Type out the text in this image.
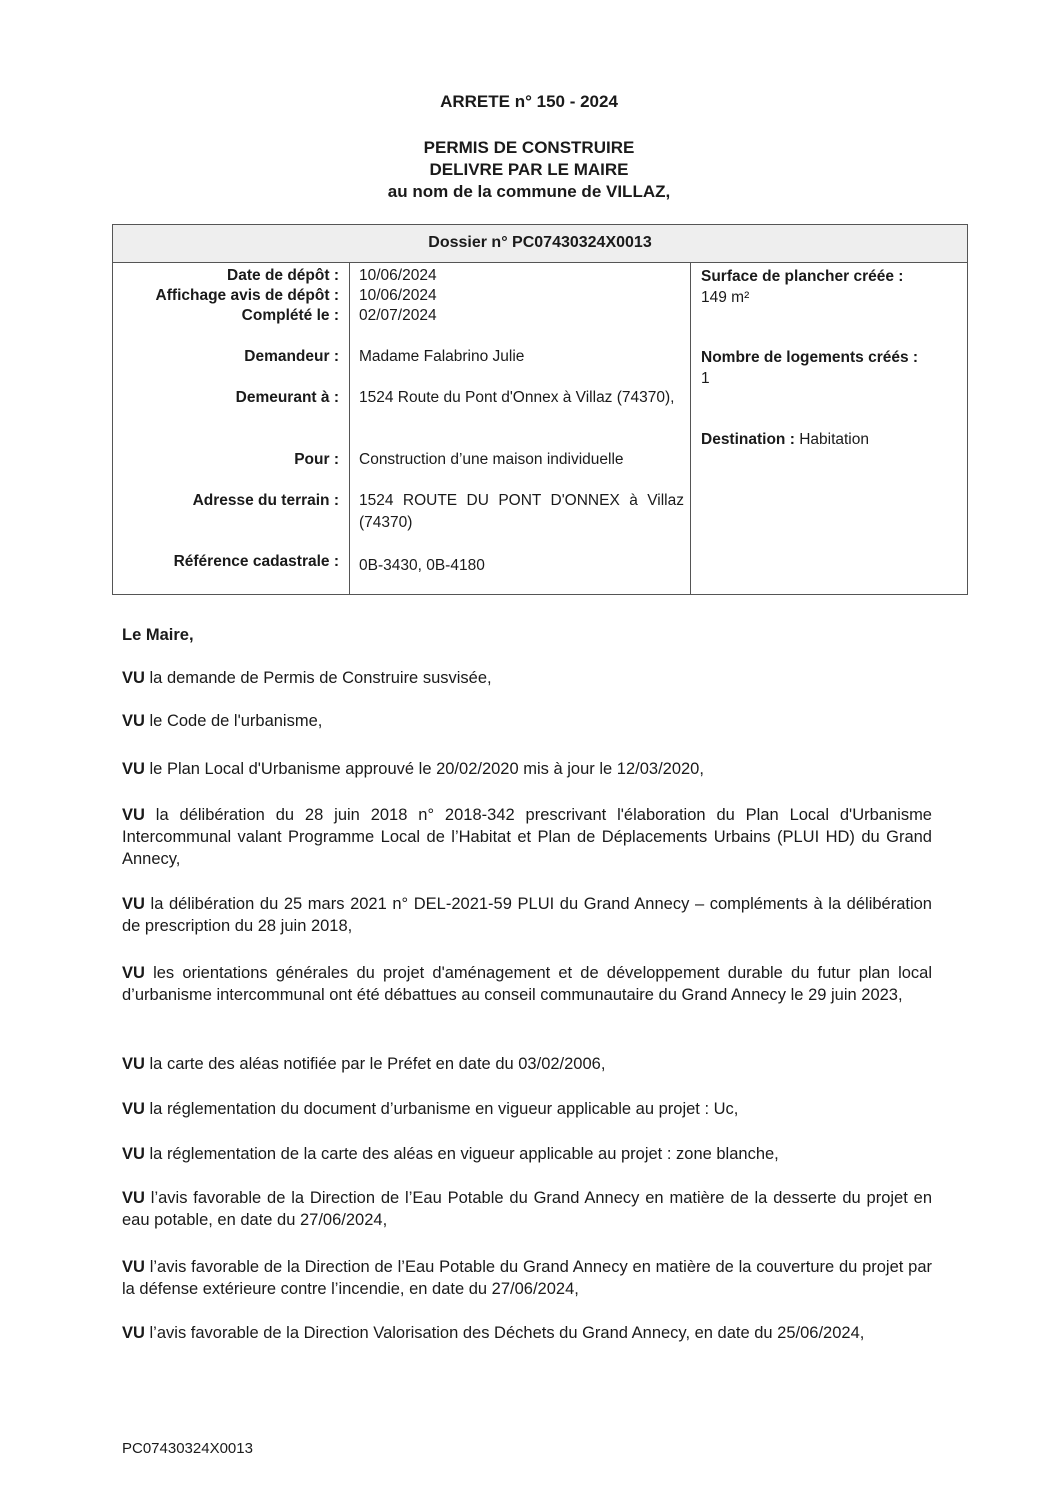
ARRETE n° 150 - 2024
PERMIS DE CONSTRUIRE
DELIVRE PAR LE MAIRE
au nom de la commune de VILLAZ,
Dossier n° PC07430324X0013
Date de dépôt : 10/06/2024
Affichage avis de dépôt : 10/06/2024
Complété le : 02/07/2024
Demandeur : Madame Falabrino Julie
Demeurant à : 1524 Route du Pont d'Onnex à Villaz (74370),
Pour : Construction d’une maison individuelle
Adresse du terrain : 1524 ROUTE DU PONT D'ONNEX à Villaz (74370)
Référence cadastrale : 0B-3430, 0B-4180
Surface de plancher créée :
149 m²
Nombre de logements créés :
1
Destination : Habitation
Le Maire,
VU la demande de Permis de Construire susvisée,
VU le Code de l'urbanisme,
VU le Plan Local d'Urbanisme approuvé le 20/02/2020 mis à jour le 12/03/2020,
VU la délibération du 28 juin 2018 n° 2018-342 prescrivant l'élaboration du Plan Local d'Urbanisme Intercommunal valant Programme Local de l’Habitat et Plan de Déplacements Urbains (PLUI HD) du Grand Annecy,
VU la délibération du 25 mars 2021 n° DEL-2021-59 PLUI du Grand Annecy – compléments à la délibération de prescription du 28 juin 2018,
VU les orientations générales du projet d'aménagement et de développement durable du futur plan local d’urbanisme intercommunal ont été débattues au conseil communautaire du Grand Annecy le 29 juin 2023,
VU la carte des aléas notifiée par le Préfet en date du 03/02/2006,
VU la réglementation du document d’urbanisme en vigueur applicable au projet : Uc,
VU la réglementation de la carte des aléas en vigueur applicable au projet : zone blanche,
VU l’avis favorable de la Direction de l’Eau Potable du Grand Annecy en matière de la desserte du projet en eau potable, en date du 27/06/2024,
VU l’avis favorable de la Direction de l’Eau Potable du Grand Annecy en matière de la couverture du projet par la défense extérieure contre l’incendie, en date du 27/06/2024,
VU l’avis favorable de la Direction Valorisation des Déchets du Grand Annecy, en date du 25/06/2024,
PC07430324X0013
